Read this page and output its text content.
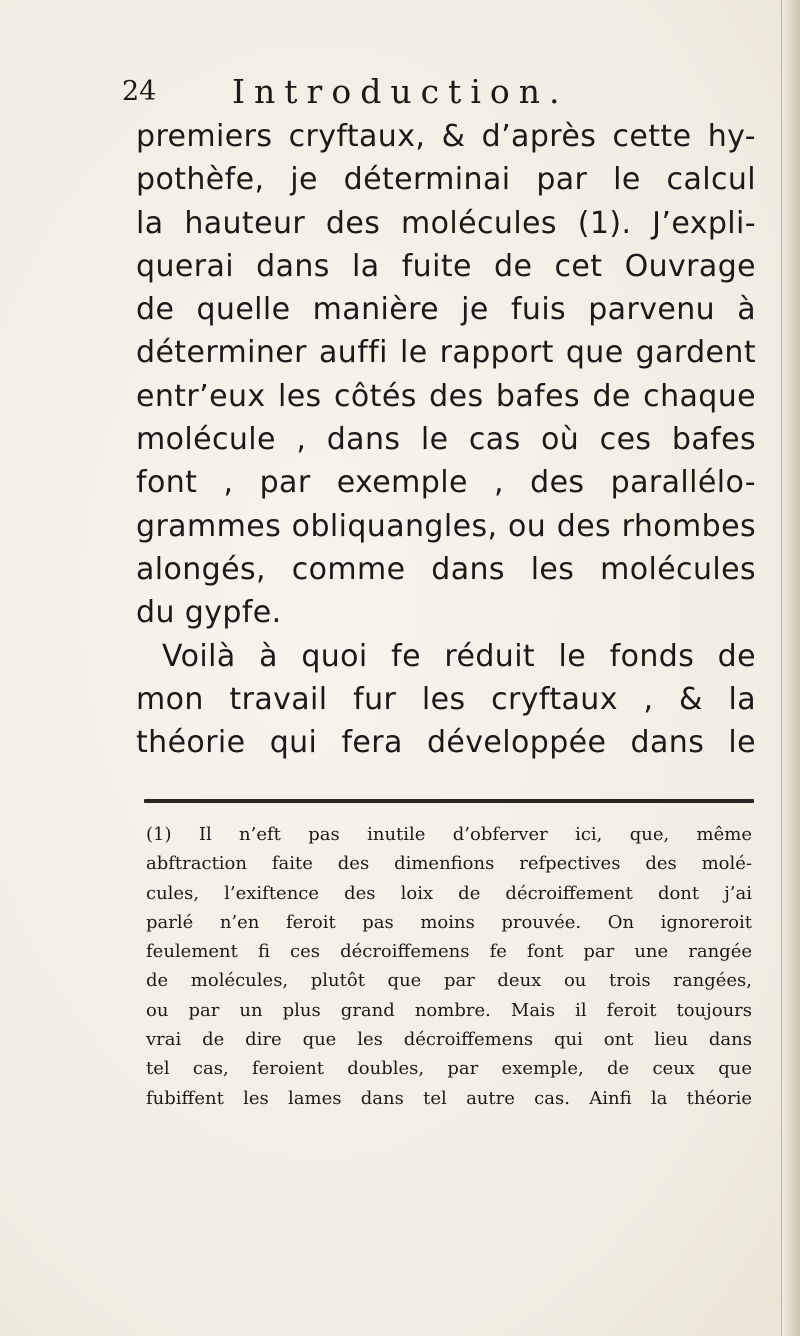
24 Introduction.
premiers cryftaux, & d’après cette hy-
pothèfe, je déterminai par le calcul
la hauteur des molécules (1). J’expli-
querai dans la fuite de cet Ouvrage
de quelle manière je fuis parvenu à
déterminer auffi le rapport que gardent
entr’eux les côtés des bafes de chaque
molécule , dans le cas où ces bafes
font , par exemple , des parallélo-
grammes obliquangles, ou des rhombes
alongés, comme dans les molécules
du gypfe.
Voilà à quoi fe réduit le fonds de
mon travail fur les cryftaux , & la
théorie qui fera développée dans le
(1) Il n’eft pas inutile d’obferver ici, que, même
abftraction faite des dimenfions refpectives des molé-
cules, l’exiftence des loix de décroiffement dont j’ai
parlé n’en feroit pas moins prouvée. On ignoreroit
feulement fi ces décroiffemens fe font par une rangée
de molécules, plutôt que par deux ou trois rangées,
ou par un plus grand nombre. Mais il feroit toujours
vrai de dire que les décroiffemens qui ont lieu dans
tel cas, feroient doubles, par exemple, de ceux que
fubiffent les lames dans tel autre cas. Ainfi la théorie
